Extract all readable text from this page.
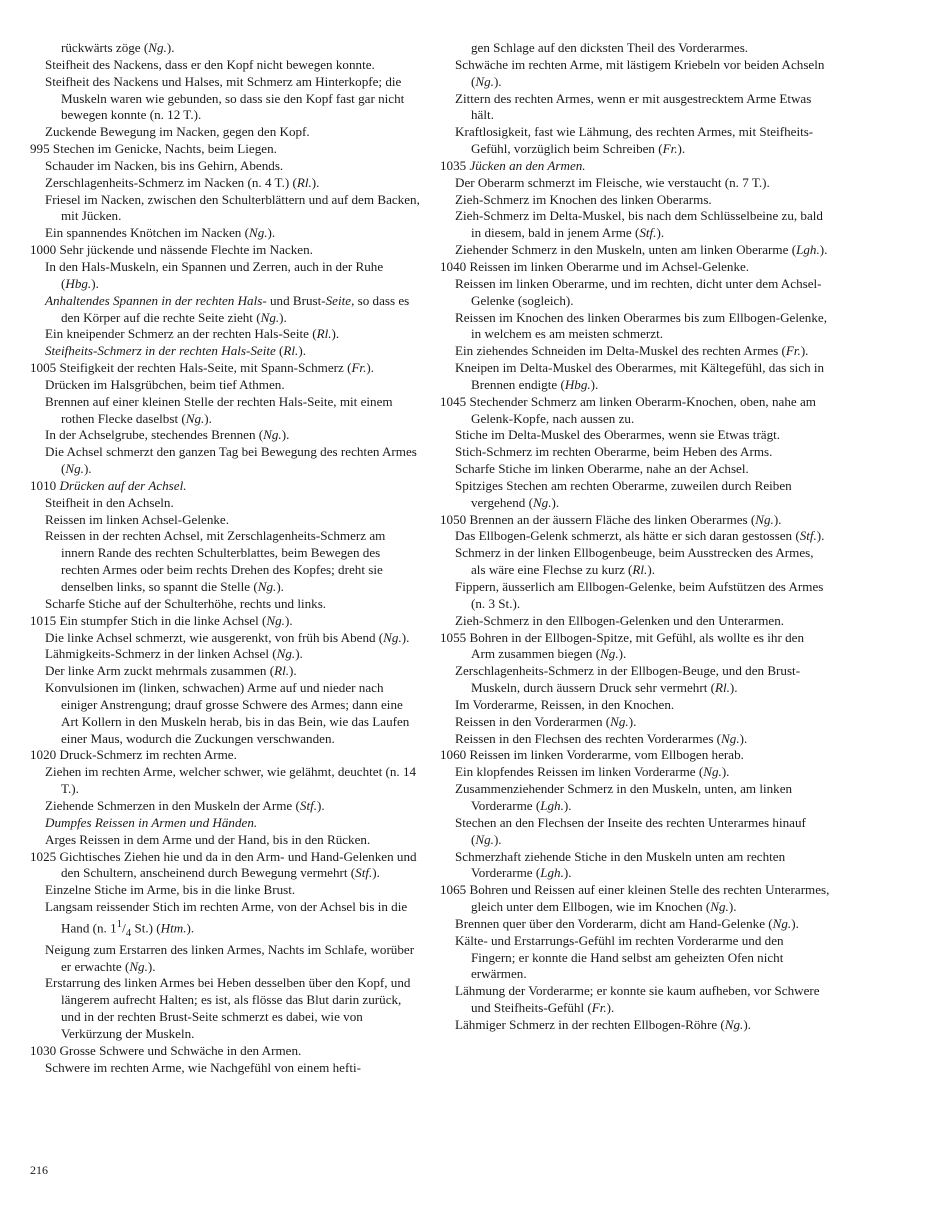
rückwärts zöge (Ng.).

Steifheit des Nackens, dass er den Kopf nicht bewegen konnte.

Steifheit des Nackens und Halses, mit Schmerz am Hinterkopfe; die Muskeln waren wie gebunden, so dass sie den Kopf fast gar nicht bewegen konnte (n. 12 T.).

Zuckende Bewegung im Nacken, gegen den Kopf.

995 Stechen im Genicke, Nachts, beim Liegen.

Schauder im Nacken, bis ins Gehirn, Abends.

Zerschlagenheits-Schmerz im Nacken (n. 4 T.) (Rl.).

Friesel im Nacken, zwischen den Schulterblättern und auf dem Backen, mit Jücken.

Ein spannendes Knötchen im Nacken (Ng.).

1000 Sehr jückende und nässende Flechte im Nacken.

In den Hals-Muskeln, ein Spannen und Zerren, auch in der Ruhe (Hbg.).

Anhaltendes Spannen in der rechten Hals- und Brust-Seite, so dass es den Körper auf die rechte Seite zieht (Ng.).

Ein kneipender Schmerz an der rechten Hals-Seite (Rl.).

Steifheits-Schmerz in der rechten Hals-Seite (Rl.).

1005 Steifigkeit der rechten Hals-Seite, mit Spann-Schmerz (Fr.).

Drücken im Halsgrübchen, beim tief Athmen.

Brennen auf einer kleinen Stelle der rechten Hals-Seite, mit einem rothen Flecke daselbst (Ng.).

In der Achselgrube, stechendes Brennen (Ng.).

Die Achsel schmerzt den ganzen Tag bei Bewegung des rechten Armes (Ng.).

1010 Drücken auf der Achsel.

Steifheit in den Achseln.

Reissen im linken Achsel-Gelenke.

Reissen in der rechten Achsel, mit Zerschlagenheits-Schmerz am innern Rande des rechten Schulterblattes, beim Bewegen des rechten Armes oder beim rechts Drehen des Kopfes; dreht sie denselben links, so spannt die Stelle (Ng.).

Scharfe Stiche auf der Schulterhöhe, rechts und links.

1015 Ein stumpfer Stich in die linke Achsel (Ng.).

Die linke Achsel schmerzt, wie ausgerenkt, von früh bis Abend (Ng.).

Lähmigkeits-Schmerz in der linken Achsel (Ng.).

Der linke Arm zuckt mehrmals zusammen (Rl.).

Konvulsionen im (linken, schwachen) Arme auf und nieder nach einiger Anstrengung; drauf grosse Schwere des Armes; dann eine Art Kollern in den Muskeln herab, bis in das Bein, wie das Laufen einer Maus, wodurch die Zuckungen verschwanden.

1020 Druck-Schmerz im rechten Arme.

Ziehen im rechten Arme, welcher schwer, wie gelähmt, deuchtet (n. 14 T.).

Ziehende Schmerzen in den Muskeln der Arme (Stf.).

Dumpfes Reissen in Armen und Händen.

Arges Reissen in dem Arme und der Hand, bis in den Rücken.

1025 Gichtisches Ziehen hie und da in den Arm- und Hand-Gelenken und den Schultern, anscheinend durch Bewegung vermehrt (Stf.).

Einzelne Stiche im Arme, bis in die linke Brust.

Langsam reissender Stich im rechten Arme, von der Achsel bis in die Hand (n. $1^1/_4$ St.) (Htm.).

Neigung zum Erstarren des linken Armes, Nachts im Schlafe, worüber er erwachte (Ng.).

Erstarrung des linken Armes bei Heben desselben über den Kopf, und längerem aufrecht Halten; es ist, als flösse das Blut darin zurück, und in der rechten Brust-Seite schmerzt es dabei, wie von Verkürzung der Muskeln.

1030 Grosse Schwere und Schwäche in den Armen.

Schwere im rechten Arme, wie Nachgefühl von einem hefti-

gen Schlage auf den dicksten Theil des Vorderarmes.

Schwäche im rechten Arme, mit lästigem Kriebeln vor beiden Achseln (Ng.).

Zittern des rechten Armes, wenn er mit ausgestrecktem Arme Etwas hält.

Kraftlosigkeit, fast wie Lähmung, des rechten Armes, mit Steifheits-Gefühl, vorzüglich beim Schreiben (Fr.).

1035 Jücken an den Armen.

Der Oberarm schmerzt im Fleische, wie verstaucht (n. 7 T.).

Zieh-Schmerz im Knochen des linken Oberarms.

Zieh-Schmerz im Delta-Muskel, bis nach dem Schlüsselbeine zu, bald in diesem, bald in jenem Arme (Stf.).

Ziehender Schmerz in den Muskeln, unten am linken Oberarme (Lgh.).

1040 Reissen im linken Oberarme und im Achsel-Gelenke.

Reissen im linken Oberarme, und im rechten, dicht unter dem Achsel-Gelenke (sogleich).

Reissen im Knochen des linken Oberarmes bis zum Ellbogen-Gelenke, in welchem es am meisten schmerzt.

Ein ziehendes Schneiden im Delta-Muskel des rechten Armes (Fr.).

Kneipen im Delta-Muskel des Oberarmes, mit Kältegefühl, das sich in Brennen endigte (Hbg.).

1045 Stechender Schmerz am linken Oberarm-Knochen, oben, nahe am Gelenk-Kopfe, nach aussen zu.

Stiche im Delta-Muskel des Oberarmes, wenn sie Etwas trägt.

Stich-Schmerz im rechten Oberarme, beim Heben des Arms.

Scharfe Stiche im linken Oberarme, nahe an der Achsel.

Spitziges Stechen am rechten Oberarme, zuweilen durch Reiben vergehend (Ng.).

1050 Brennen an der äussern Fläche des linken Oberarmes (Ng.).

Das Ellbogen-Gelenk schmerzt, als hätte er sich daran gestossen (Stf.).

Schmerz in der linken Ellbogenbeuge, beim Ausstrecken des Armes, als wäre eine Flechse zu kurz (Rl.).

Fippern, äusserlich am Ellbogen-Gelenke, beim Aufstützen des Armes (n. 3 St.).

Zieh-Schmerz in den Ellbogen-Gelenken und den Unterarmen.

1055 Bohren in der Ellbogen-Spitze, mit Gefühl, als wollte es ihr den Arm zusammen biegen (Ng.).

Zerschlagenheits-Schmerz in der Ellbogen-Beuge, und den Brust-Muskeln, durch äussern Druck sehr vermehrt (Rl.).

Im Vorderarme, Reissen, in den Knochen.

Reissen in den Vorderarmen (Ng.).

Reissen in den Flechsen des rechten Vorderarmes (Ng.).

1060 Reissen im linken Vorderarme, vom Ellbogen herab.

Ein klopfendes Reissen im linken Vorderarme (Ng.).

Zusammenziehender Schmerz in den Muskeln, unten, am linken Vorderarme (Lgh.).

Stechen an den Flechsen der Inseite des rechten Unterarmes hinauf (Ng.).

Schmerzhaft ziehende Stiche in den Muskeln unten am rechten Vorderarme (Lgh.).

1065 Bohren und Reissen auf einer kleinen Stelle des rechten Unterarmes, gleich unter dem Ellbogen, wie im Knochen (Ng.).

Brennen quer über den Vorderarm, dicht am Hand-Gelenke (Ng.).

Kälte- und Erstarrungs-Gefühl im rechten Vorderarme und den Fingern; er konnte die Hand selbst am geheizten Ofen nicht erwärmen.

Lähmung der Vorderarme; er konnte sie kaum aufheben, vor Schwere und Steifheits-Gefühl (Fr.).

Lähmiger Schmerz in der rechten Ellbogen-Röhre (Ng.).

216
